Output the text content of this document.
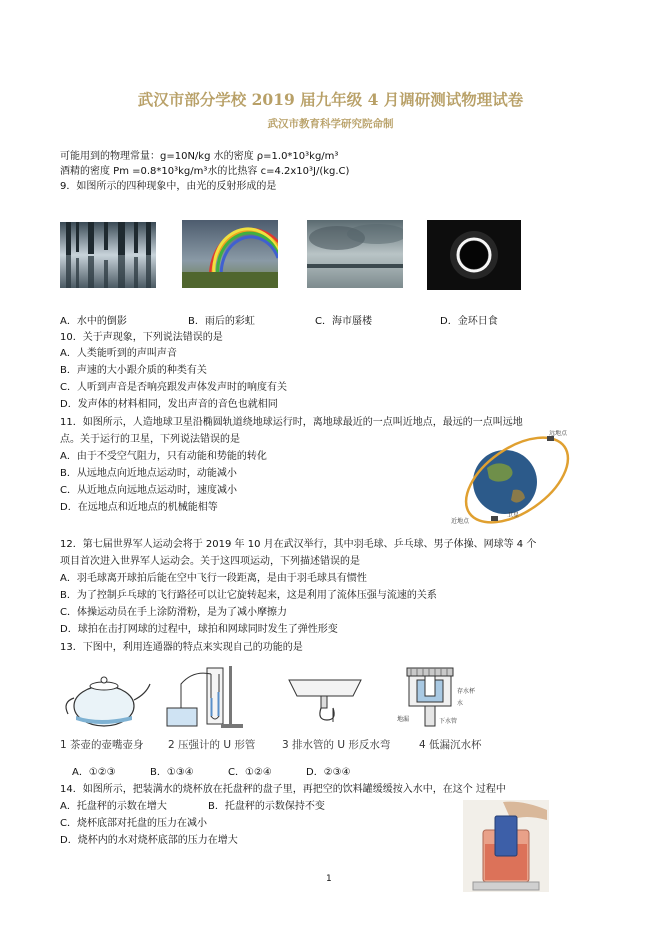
武汉市部分学校 2019 届九年级 4 月调研测试物理试卷
武汉市教育科学研究院命制
可能用到的物理常量：g=10N/kg 水的密度 ρ=1.0*10³kg/m³
酒精的密度 Pm =0.8*10³kg/m³水的比热容 c=4.2x10³J/(kg.C)
9．如图所示的四种现象中，由光的反射形成的是
A．水中的倒影	B．雨后的彩虹	C．海市蜃楼	D．金环日食
10．关于声现象，下列说法错误的是
A．人类能听到的声叫声音
B．声速的大小跟介质的种类有关
C．人听到声音是否响亮跟发声体发声时的响度有关
D．发声体的材料相同，发出声音的音色也就相同
11．如图所示，人造地球卫星沿椭圆轨道绕地球运行时，离地球最近的一点叫近地点，最远的一点叫远地
点。关于运行的卫星，下列说法错误的是
A．由于不受空气阻力，只有动能和势能的转化
B．从远地点向近地点运动时，动能减小
C．从近地点向远地点运动时，速度减小
D．在远地点和近地点的机械能相等
远地点
近地点
卫星
12．第七届世界军人运动会将于 2019 年 10 月在武汉举行，其中羽毛球、乒乓球、男子体操、网球等 4 个
项目首次进入世界军人运动会。关于这四项运动，下列描述错误的是
A．羽毛球离开球拍后能在空中飞行一段距离，是由于羽毛球具有惯性
B．为了控制乒乓球的飞行路径可以让它旋转起来，这是利用了流体压强与流速的关系
C．体操运动员在手上涂防滑粉，是为了减小摩擦力
D．球拍在击打网球的过程中，球拍和网球同时发生了弹性形变
13．下图中，利用连通器的特点来实现自己的功能的是
存水杯
水
下水管
地漏
1 茶壶的壶嘴壶身 2 压强计的 U 形管	3 排水管的 U 形反水弯	4 低漏沉水杯
A．①②③	B．①③④	C．①②④	D．②③④
14．如图所示，把装满水的烧杯放在托盘秤的盘子里，再把空的饮料罐缓缓按入水中，在这个 过程中
A．托盘秤的示数在增大	B．托盘秤的示数保持不变
C．烧杯底部对托盘的压力在减小
D．烧杯内的水对烧杯底部的压力在增大
1
